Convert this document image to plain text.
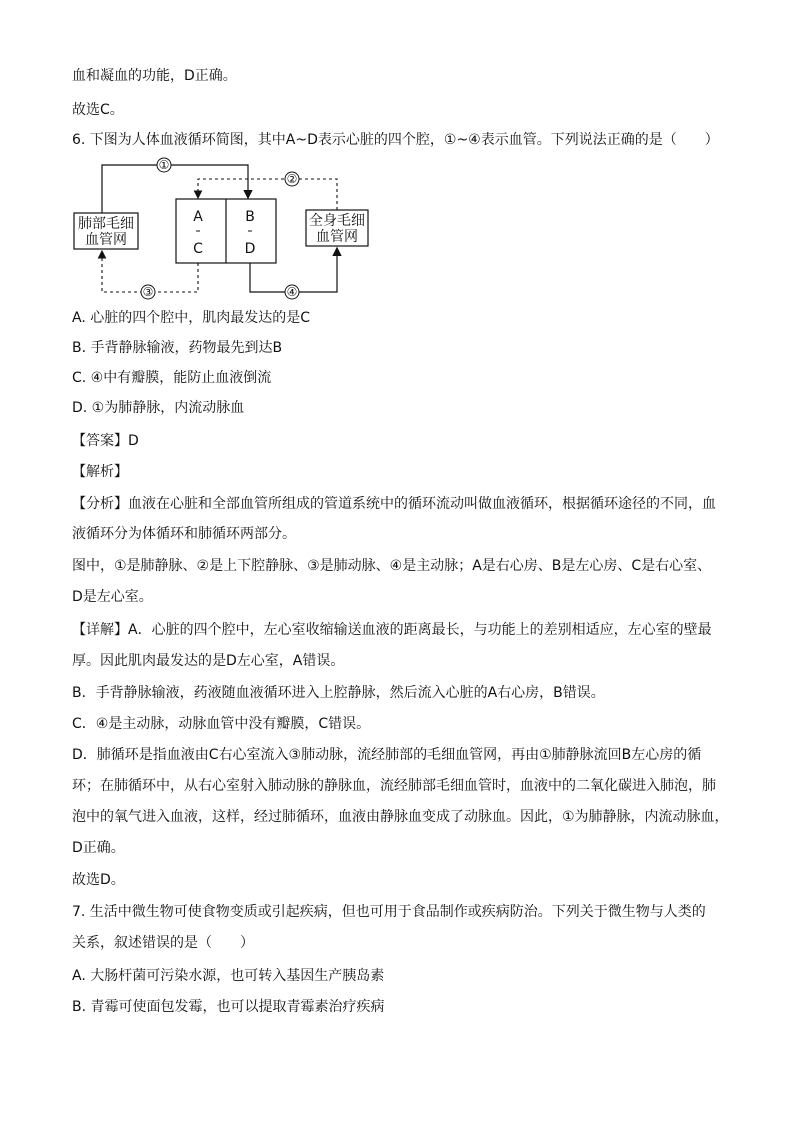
血和凝血的功能，D正确。
故选C。
6. 下图为人体血液循环简图，其中A~D表示心脏的四个腔，①~④表示血管。下列说法正确的是（　　）
肺部毛细
血管网
全身毛细
血管网
A	B
C	D
①
②
③	④
A. 心脏的四个腔中，肌肉最发达的是C
B. 手背静脉输液，药物最先到达B
C. ④中有瓣膜，能防止血液倒流
D. ①为肺静脉，内流动脉血
【答案】D
【解析】
【分析】血液在心脏和全部血管所组成的管道系统中的循环流动叫做血液循环，根据循环途径的不同，血
液循环分为体循环和肺循环两部分。
图中，①是肺静脉、②是上下腔静脉、③是肺动脉、④是主动脉；A是右心房、B是左心房、C是右心室、
D是左心室。
【详解】A．心脏的四个腔中，左心室收缩输送血液的距离最长，与功能上的差别相适应，左心室的壁最
厚。因此肌肉最发达的是D左心室，A错误。
B．手背静脉输液，药液随血液循环进入上腔静脉，然后流入心脏的A右心房，B错误。
C．④是主动脉，动脉血管中没有瓣膜，C错误。
D．肺循环是指血液由C右心室流入③肺动脉，流经肺部的毛细血管网，再由①肺静脉流回B左心房的循
环；在肺循环中，从右心室射入肺动脉的静脉血，流经肺部毛细血管时，血液中的二氧化碳进入肺泡，肺
泡中的氧气进入血液，这样，经过肺循环，血液由静脉血变成了动脉血。因此，①为肺静脉，内流动脉血，
D正确。
故选D。
7. 生活中微生物可使食物变质或引起疾病，但也可用于食品制作或疾病防治。下列关于微生物与人类的
关系，叙述错误的是（　　）
A. 大肠杆菌可污染水源，也可转入基因生产胰岛素
B. 青霉可使面包发霉，也可以提取青霉素治疗疾病
